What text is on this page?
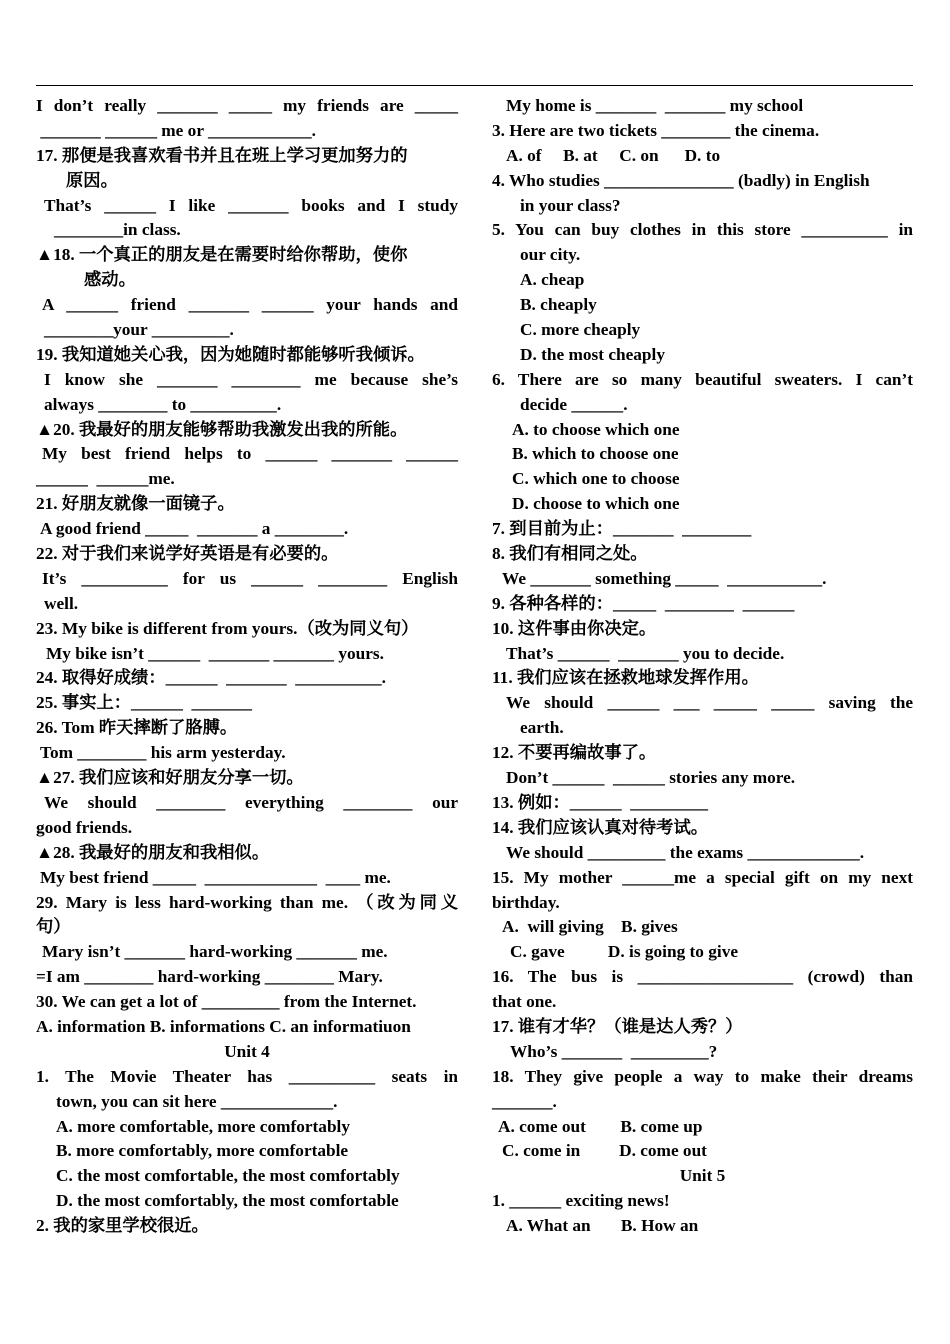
I don’t really _______ _____ my friends are _____
_______ ______ me or ____________.
17. 那便是我喜欢看书并且在班上学习更加努力的
原因。
That’s ______ I like _______ books and I study
________in class.
▲18. 一个真正的朋友是在需要时给你帮助，使你
感动。
A ______ friend _______ ______ your hands and
________your _________.
19. 我知道她关心我，因为她随时都能够听我倾诉。
I know she _______ ________ me because she’s
always ________ to __________.
▲20. 我最好的朋友能够帮助我激发出我的所能。
My best friend helps to ______ _______ ______
______  ______me.
21. 好朋友就像一面镜子。
A good friend _____  _______ a ________.
22. 对于我们来说学好英语是有必要的。
It’s __________ for us ______ ________ English
well.
23. My bike is different from yours.（改为同义句）
My bike isn’t ______  _______ _______ yours.
24. 取得好成绩：______  _______  __________.
25. 事实上：______  _______
26. Tom 昨天摔断了胳膊。
Tom ________ his arm yesterday.
▲27. 我们应该和好朋友分享一切。
We should ________ everything ________ our
good friends.
▲28. 我最好的朋友和我相似。
My best friend _____  _____________  ____ me.
29. Mary is less hard-working than me. （改为同义
句）
Mary isn’t _______ hard-working _______ me.
=I am ________ hard-working ________ Mary.
30. We can get a lot of _________ from the Internet.
A. information B. informations C. an informatiuon
Unit 4
1. The Movie Theater has __________ seats in
town, you can sit here _____________.
A. more comfortable, more comfortably
B. more comfortably, more comfortable
C. the most comfortable, the most comfortably
D. the most comfortably, the most comfortable
2. 我的家里学校很近。
My home is _______  _______ my school
3. Here are two tickets ________ the cinema.
A. of     B. at     C. on      D. to
4. Who studies _______________ (badly) in English
in your class?
5. You can buy clothes in this store __________ in
our city.
A. cheap
B. cheaply
C. more cheaply
D. the most cheaply
6. There are so many beautiful sweaters. I can’t
decide ______.
A. to choose which one
B. which to choose one
C. which one to choose
D. choose to which one
7. 到目前为止：_______  ________
8. 我们有相同之处。
We _______ something _____  ___________.
9. 各种各样的：_____  ________  ______
10. 这件事由你决定。
That’s ______  _______ you to decide.
11. 我们应该在拯救地球发挥作用。
We should ______ ___ _____ _____ saving the
earth.
12. 不要再编故事了。
Don’t ______  ______ stories any more.
13. 例如：______  _________
14. 我们应该认真对待考试。
We should _________ the exams _____________.
15. My mother ______me a special gift on my next
birthday.
A.  will giving    B. gives
C. gave          D. is going to give
16. The bus is __________________ (crowd) than
that one.
17. 谁有才华？（谁是达人秀？）
Who’s _______  _________?
18. They give people a way to make their dreams
_______.
A. come out        B. come up
C. come in         D. come out
Unit 5
1. ______ exciting news!
A. What an       B. How an
